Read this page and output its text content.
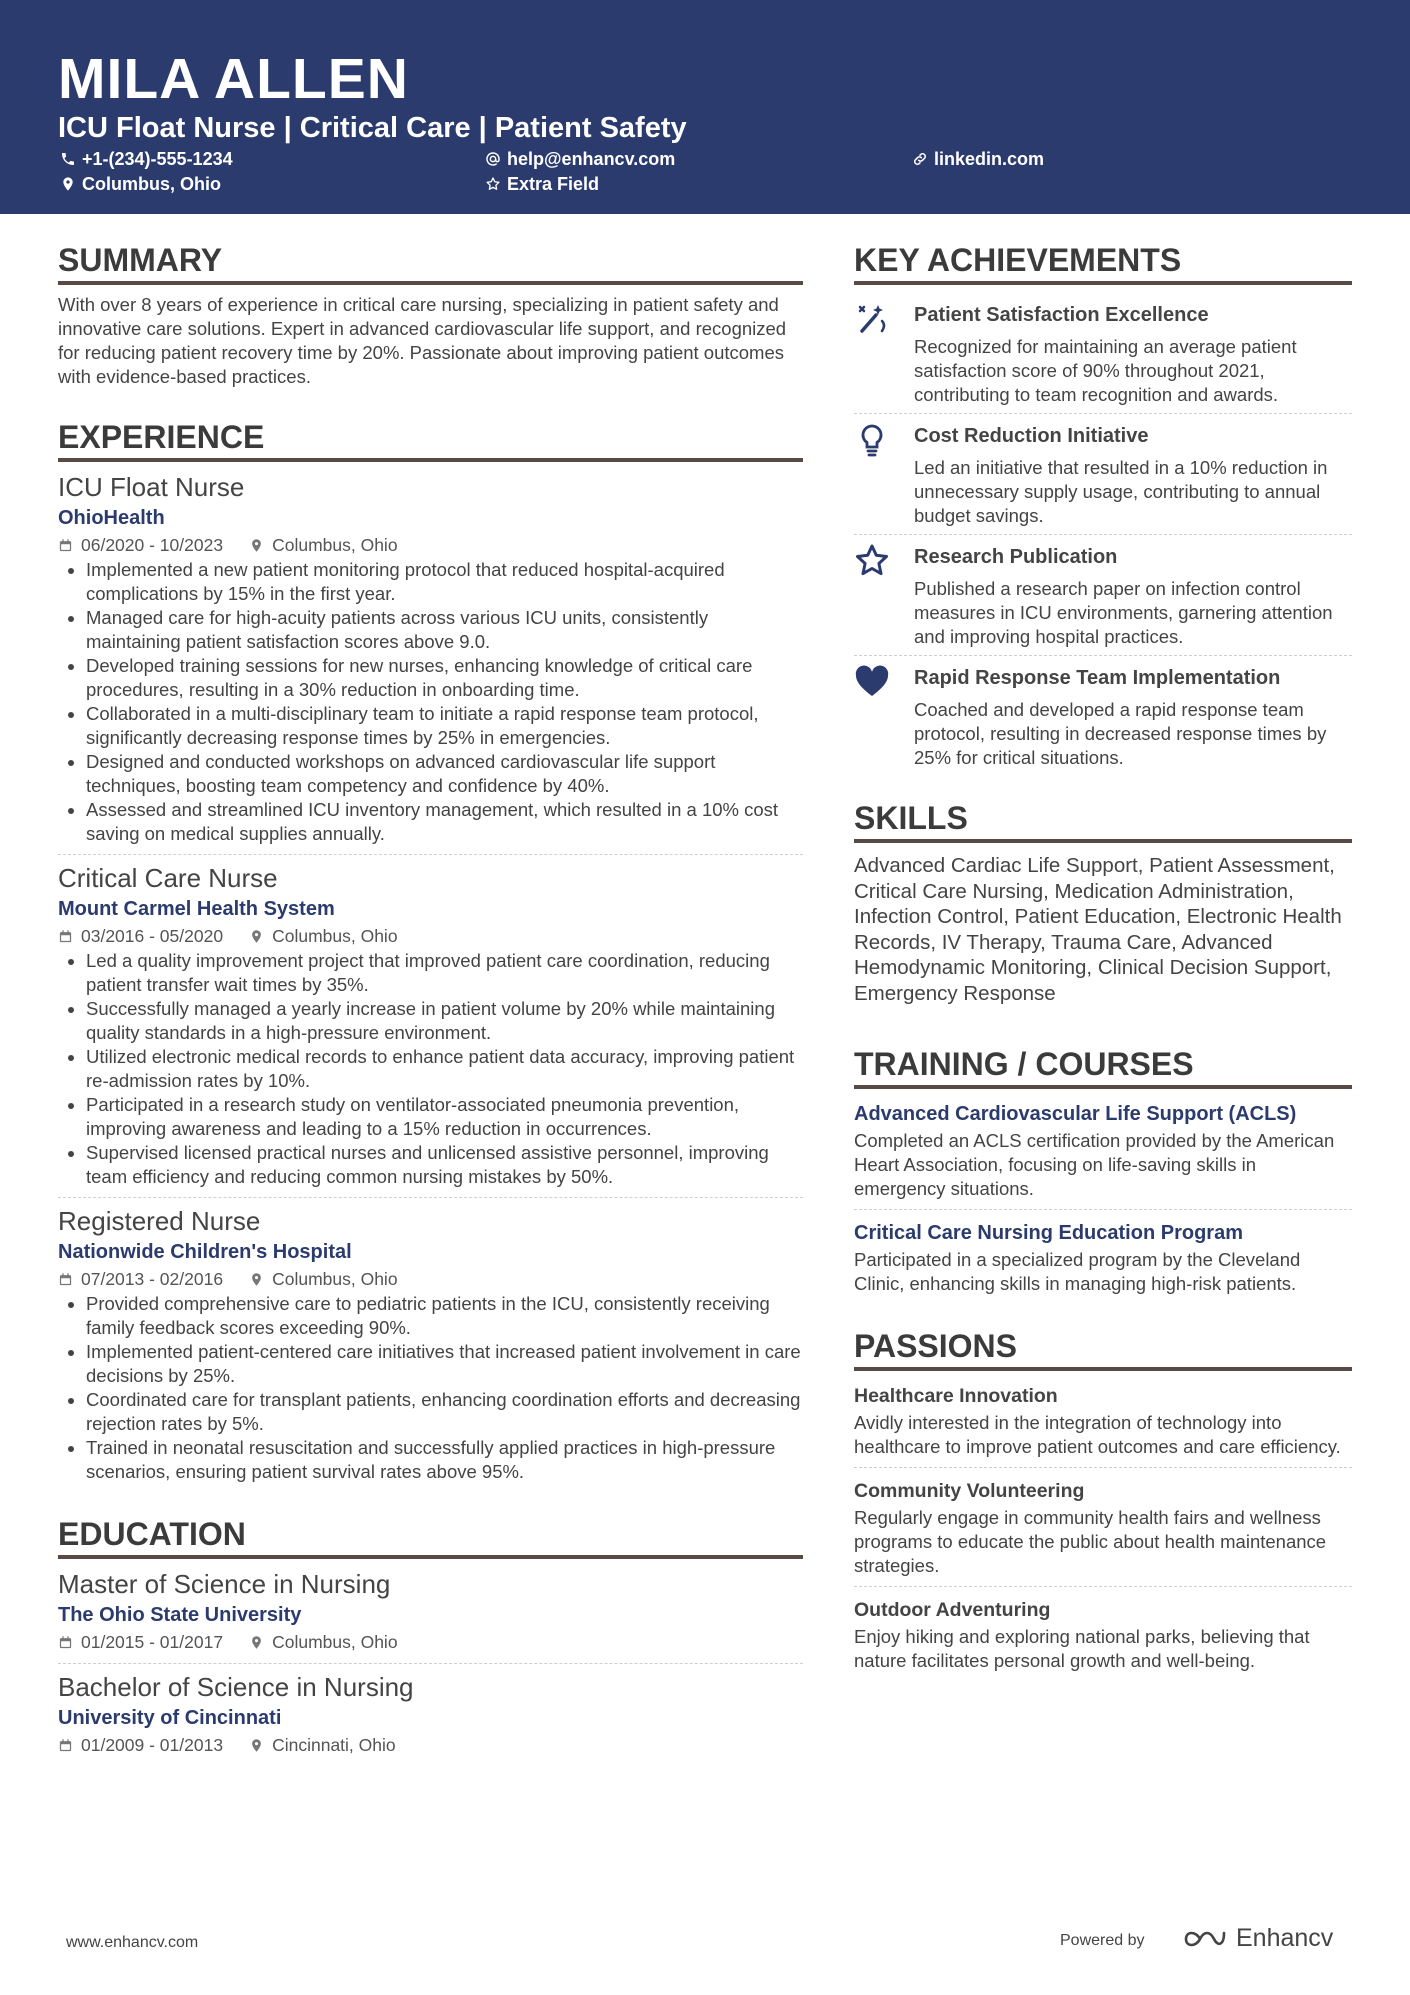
MILA ALLEN
ICU Float Nurse | Critical Care | Patient Safety
+1-(234)-555-1234	help@enhancv.com	linkedin.com
Columbus, Ohio	Extra Field
SUMMARY

With over 8 years of experience in critical care nursing, specializing in patient safety and innovative care solutions. Expert in advanced cardiovascular life support, and recognized for reducing patient recovery time by 20%. Passionate about improving patient outcomes with evidence-based practices.

EXPERIENCE
ICU Float Nurse
OhioHealth
06/2020 - 10/2023	Columbus, Ohio
• Implemented a new patient monitoring protocol that reduced hospital-acquired complications by 15% in the first year.
• Managed care for high-acuity patients across various ICU units, consistently maintaining patient satisfaction scores above 9.0.
• Developed training sessions for new nurses, enhancing knowledge of critical care procedures, resulting in a 30% reduction in onboarding time.
• Collaborated in a multi-disciplinary team to initiate a rapid response team protocol, significantly decreasing response times by 25% in emergencies.
• Designed and conducted workshops on advanced cardiovascular life support techniques, boosting team competency and confidence by 40%.
• Assessed and streamlined ICU inventory management, which resulted in a 10% cost saving on medical supplies annually.
Critical Care Nurse
Mount Carmel Health System
03/2016 - 05/2020	Columbus, Ohio
• Led a quality improvement project that improved patient care coordination, reducing patient transfer wait times by 35%.
• Successfully managed a yearly increase in patient volume by 20% while maintaining quality standards in a high-pressure environment.
• Utilized electronic medical records to enhance patient data accuracy, improving patient re-admission rates by 10%.
• Participated in a research study on ventilator-associated pneumonia prevention, improving awareness and leading to a 15% reduction in occurrences.
• Supervised licensed practical nurses and unlicensed assistive personnel, improving team efficiency and reducing common nursing mistakes by 50%.
Registered Nurse
Nationwide Children's Hospital
07/2013 - 02/2016	Columbus, Ohio
• Provided comprehensive care to pediatric patients in the ICU, consistently receiving family feedback scores exceeding 90%.
• Implemented patient-centered care initiatives that increased patient involvement in care decisions by 25%.
• Coordinated care for transplant patients, enhancing coordination efforts and decreasing rejection rates by 5%.
• Trained in neonatal resuscitation and successfully applied practices in high-pressure scenarios, ensuring patient survival rates above 95%.
EDUCATION
Master of Science in Nursing
The Ohio State University
01/2015 - 01/2017	Columbus, Ohio
Bachelor of Science in Nursing
University of Cincinnati
01/2009 - 01/2013	Cincinnati, Ohio
KEY ACHIEVEMENTS
Patient Satisfaction Excellence
Recognized for maintaining an average patient satisfaction score of 90% throughout 2021, contributing to team recognition and awards.
Cost Reduction Initiative
Led an initiative that resulted in a 10% reduction in unnecessary supply usage, contributing to annual budget savings.
Research Publication
Published a research paper on infection control measures in ICU environments, garnering attention and improving hospital practices.
Rapid Response Team Implementation
Coached and developed a rapid response team protocol, resulting in decreased response times by 25% for critical situations.
SKILLS

Advanced Cardiac Life Support, Patient Assessment, Critical Care Nursing, Medication Administration, Infection Control, Patient Education, Electronic Health Records, IV Therapy, Trauma Care, Advanced Hemodynamic Monitoring, Clinical Decision Support, Emergency Response

TRAINING / COURSES
Advanced Cardiovascular Life Support (ACLS)
Completed an ACLS certification provided by the American Heart Association, focusing on life-saving skills in emergency situations.
Critical Care Nursing Education Program
Participated in a specialized program by the Cleveland Clinic, enhancing skills in managing high-risk patients.
PASSIONS
Healthcare Innovation
Avidly interested in the integration of technology into healthcare to improve patient outcomes and care efficiency.
Community Volunteering
Regularly engage in community health fairs and wellness programs to educate the public about health maintenance strategies.
Outdoor Adventuring
Enjoy hiking and exploring national parks, believing that nature facilitates personal growth and well-being.
www.enhancv.com	Powered by	Enhancv
